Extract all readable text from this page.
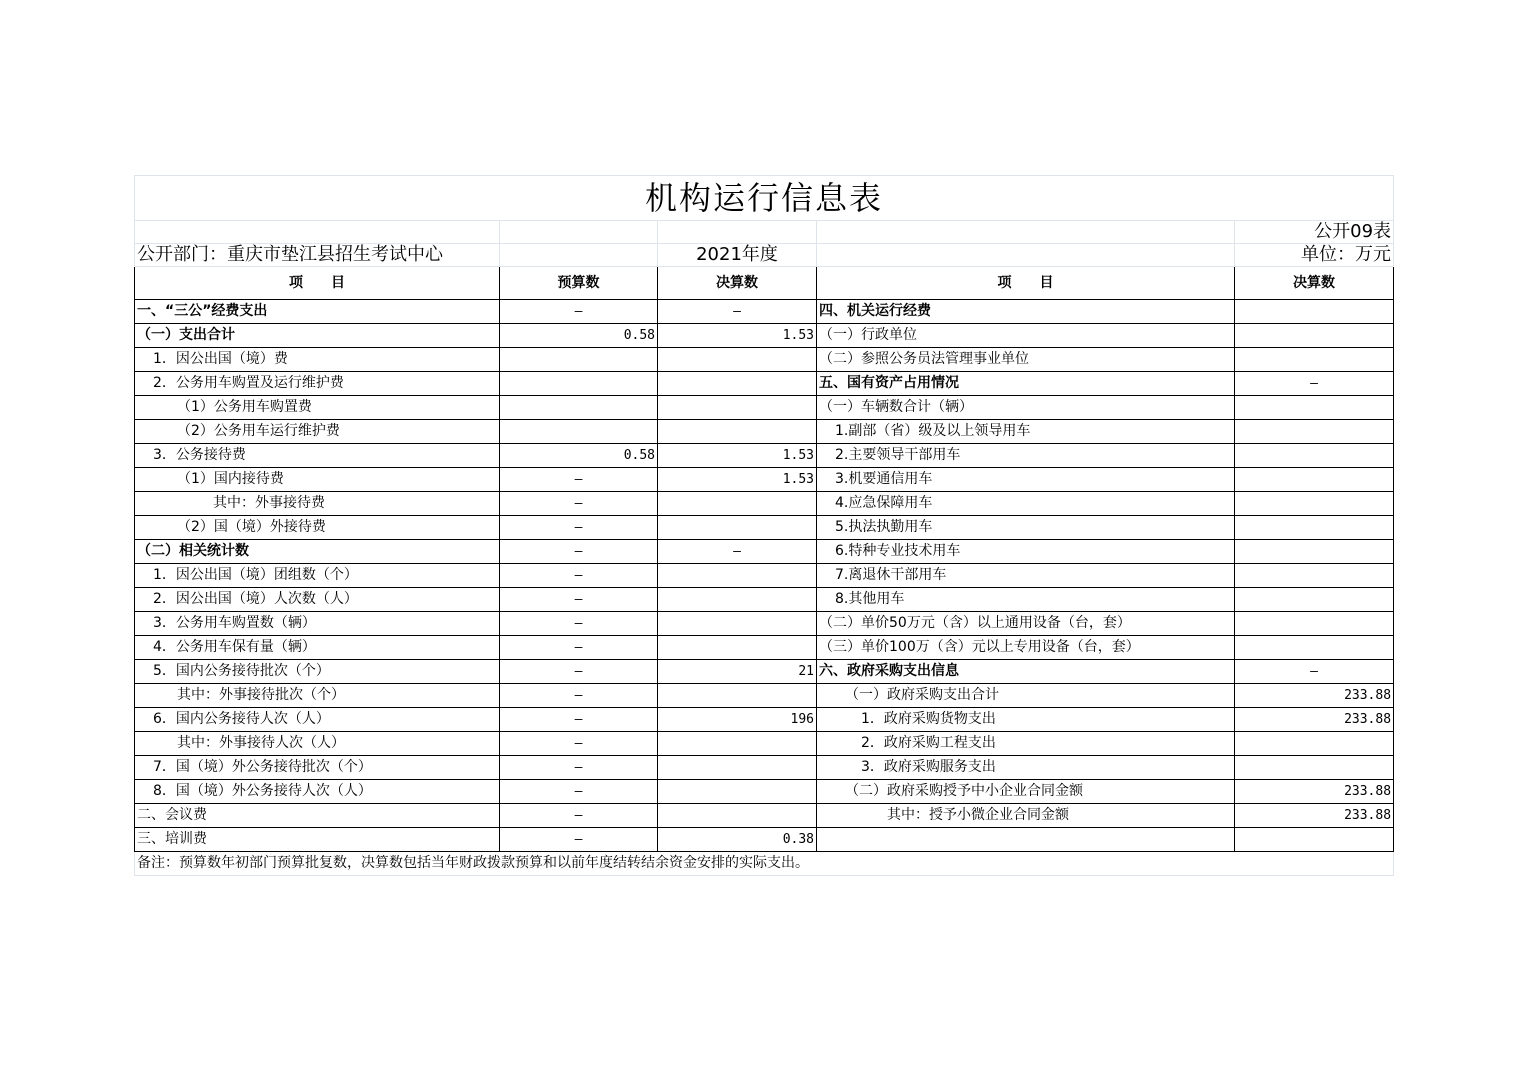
机构运行信息表				
				公开09表
公开部门：重庆市垫江县招生考试中心		2021年度		单位：万元
项　　目	预算数	决算数	项　　目	决算数
一、“三公”经费支出	—	—	四、机关运行经费	
（一）支出合计	0.58	1.53	（一）行政单位	
1．因公出国（境）费			（二）参照公务员法管理事业单位	
2．公务用车购置及运行维护费			五、国有资产占用情况	—
（1）公务用车购置费			（一）车辆数合计（辆）	
（2）公务用车运行维护费			1.副部（省）级及以上领导用车	
3．公务接待费	0.58	1.53	2.主要领导干部用车	
（1）国内接待费	—	1.53	3.机要通信用车	
其中：外事接待费	—		4.应急保障用车	
（2）国（境）外接待费	—		5.执法执勤用车	
（二）相关统计数	—	—	6.特种专业技术用车	
1．因公出国（境）团组数（个）	—		7.离退休干部用车	
2．因公出国（境）人次数（人）	—		8.其他用车	
3．公务用车购置数（辆）	—		（二）单价50万元（含）以上通用设备（台，套）	
4．公务用车保有量（辆）	—		（三）单价100万（含）元以上专用设备（台，套）	
5．国内公务接待批次（个）	—	21	六、政府采购支出信息	—
其中：外事接待批次（个）	—		（一）政府采购支出合计	233.88
6．国内公务接待人次（人）	—	196	1．政府采购货物支出	233.88
其中：外事接待人次（人）	—		2．政府采购工程支出	
7．国（境）外公务接待批次（个）	—		3．政府采购服务支出	
8．国（境）外公务接待人次（人）	—		（二）政府采购授予中小企业合同金额	233.88
二、会议费	—		其中：授予小微企业合同金额	233.88
三、培训费	—	0.38		
备注：预算数年初部门预算批复数，决算数包括当年财政拨款预算和以前年度结转结余资金安排的实际支出。				
